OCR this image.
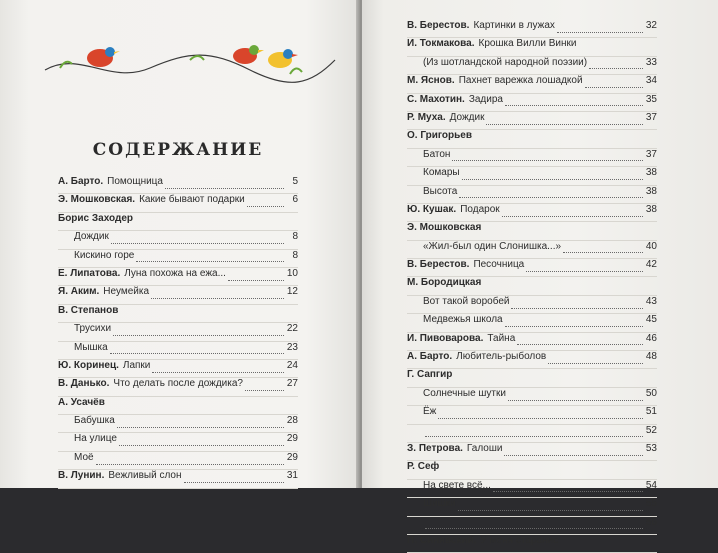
СОДЕРЖАНИЕ
А. Барто. Помощница	5
Э. Мошковская. Какие бывают подарки	6
Борис Заходер
Дождик	8
Кискино горе	8
Е. Липатова. Луна похожа на ежа...	10
Я. Аким. Неумейка	12
В. Степанов
Трусихи	22
Мышка	23
Ю. Коринец. Лапки	24
В. Данько. Что делать после дождика?	27
А. Усачёв
Бабушка	28
На улице	29
Моё	29
В. Лунин. Вежливый слон	31
В. Берестов. Картинки в лужах	32
И. Токмакова. Крошка Вилли Винки
(Из шотландской народной поэзии)	33
М. Яснов. Пахнет варежка лошадкой	34
С. Махотин. Задира	35
Р. Муха. Дождик	37
О. Григорьев
Батон	37
Комары	38
Высота	38
Ю. Кушак. Подарок	38
Э. Мошковская
«Жил-был один Слонишка...»	40
В. Берестов. Песочница	42
М. Бородицкая
Вот такой воробей	43
Медвежья школа	45
И. Пивоварова. Тайна	46
А. Барто. Любитель-рыболов	48
Г. Сапгир
Солнечные шутки	50
Ёж	51
52
З. Петрова. Галоши	53
Р. Сеф
На свете всё...	54
Шишки	55
56
П. Синявский. У меня старание
